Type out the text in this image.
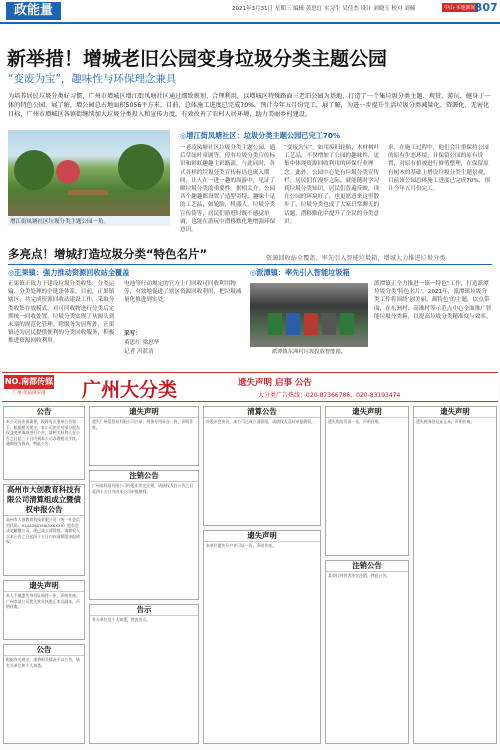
政能量	2021年3月31日 星期三 编辑 黄思红 实习生 吴佳杰 设计 刘晓玉 校对 刘楠	中山·本地新闻
B07
新举措！增城老旧公园变身垃圾分类主题公园
“变废为宝”，趣味性与环保理念兼具
为培养居民垃圾分类好习惯，广州市增城区增江街凤塘社区通过细致规划、合理利用，以增城区特殊路面三老旧公园为基地，打造了一个集垃圾分类主题、观赏、游玩、健身于一体的特色公园，展了解，增公园总占地面积5056平方米，目前，总体施工进度已完成70%，预计今年五月份完工，展了解，为进一步提升生活垃圾分类减量化、资源化、无害化目标，广州市增城区各镇街继续加大垃圾分类投入和宣传力度，有效改善了农村人居环境，助力美丽乡村建设。
增江街凤塘社区垃圾分类主题公园一角。
◎增江街凤塘社区：垃圾分类主题公园已完工70%
一老凌凤塘社区垃圾分类主题公园，通后草绿叶童剧等，停有垃圾分类宣传标识和彩虹趣趣主彩路演，与此同时，各式各样的垃圾分类宣传标语也嵌入期间，让人在一进一趣的周游中，见证了解垃圾分类的重要性。据相关介，公园各个趣趣都设置了造型奇特，趣味十足的工艺品，如轮胎，机器人，垃圾分类宣传筒等，居民们游逛时既不感觉单调，也能在游玩中潜移默化地增强环保意识。
“变废为宝”，如用废旧轮胎、木材树叶工艺品，不仅增加了公园的趣味性，更集中体现资源回收利用的环保行业理念。此外，公园中心处有垃圾分类宣传栏，居民们在漫步之际，就能随时学习到垃圾分类知识，居民们普遍反映，现在公园的环境好了，也更愿意来这里散步了，垃圾分类也成了大家日常聊天的话题，潜移默化中提升了全民的分类意识。
求，在施工过程中，他们会注重保持公园的原有生态环境，并保留公园的原有设置，对原有植被进行修剪整理，在保留原有树木的基础上增设垃圾分类主题景观，目前该公园总体施工进度已完成70%，预计今年五月份完工。
多亮点！增城打造垃圾分类“特色名片”	资源回收站全覆盖、率先引入智能垃圾箱，增城大力推进垃圾分类
◎正果镇：强力推动资源回收站全覆盖
正果镇正致力于建设垃圾分类收集、分类运输、分类处理的全链条体系，目前，正果镇辖区，共完成资源回收站建设工作，采取分类收集存放模式，对可回收物进行分类后定期统一回收处置，垃圾分类实现了从源头到末端的规范化管理。除服务为居所外，正果镇还为居民提供便利的分类回收服务，积极推进资源回收利用。
电池等行动规定的官方上门回收可回收利用物等，有效地促进了辖区资源回收利用，把垃圾减量化推进到实处。
采写：
黄思红 梁思华
记者 冯蓝清
◎派潭镇：率先引入智能垃圾箱
派潭镇东洲村垃圾投放智能箱。
派潭镇正全力推进一镇一特色“工作，打造派潭垃圾分类‘特色名片’。2021年，派潭镇垃圾分类工作将围绕‘创美丽、颜特色’的主题，以点带面，在东洲村、高滩村等示范点中心全面推广智能垃圾分类箱，以提高垃圾分类精准度与效率。
NO.南都传媒
广州·优质供应商	广州大分类	遗失声明 启事 公告
大分类广告热线：020-87366786、020-83193474
公告
本公司因业务需要，现将有关事项公告如下：根据相关规定，本公司决定对部分股东权益变更事项进行公告。请相关权利人在公告之日起三十日内到本公司办理相关手续，逾期视为放弃，特此公告。
高州市大创教育科技有限公司清算组成立暨债权申报公告
高州市大创教育科技有限公司（统一社会信用代码：91440981MA5XXXXX）股东会决定解散公司，现已成立清算组，请债权人自本公告之日起四十五日内向清算组申报债权。
遗失声明
本人不慎遗失身份证原件一张，声明作废。广州市某公司遗失营业执照正本及副本，声明作废。
公告
根据有关规定，现将相关情况予以公告，请有关单位和个人知悉。
遗失声明
遗失广州某贸易有限公司公章、财务专用章各一枚，声明作废。
注销公告
广州某科技有限公司经股东决定注销，请债权人自公告之日起四十五日内向本公司申报债权。
告示
有关单位及个人知悉，特此告示。
清算公告
经股东会决议，本公司已成立清算组，请债权人及时申报债权。
遗失声明
本单位遗失开户许可证一份，声明作废。
遗失声明
遗失购房发票一张，声明作废。
注销公告
某商行经营者决定注销，特此公告。
遗失声明
遗失税务登记证正本，声明作废。
